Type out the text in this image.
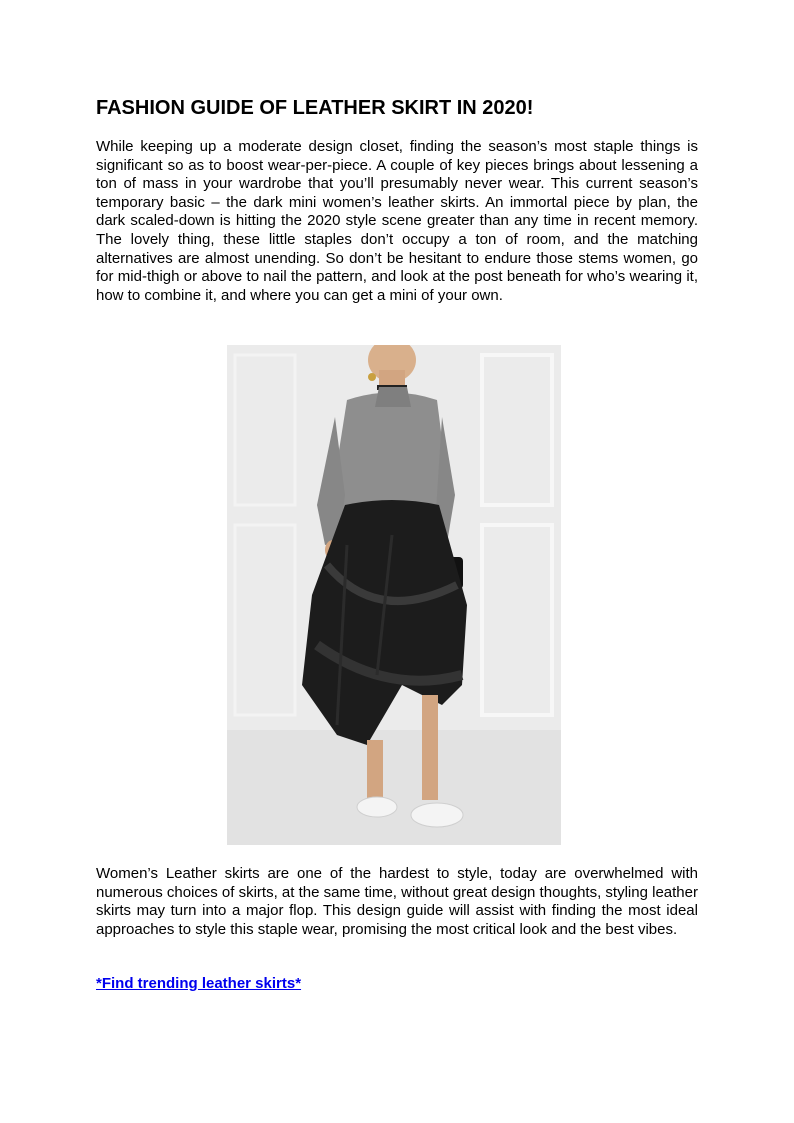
FASHION GUIDE OF LEATHER SKIRT IN 2020!

While keeping up a moderate design closet, finding the season’s most staple things is significant so as to boost wear-per-piece. A couple of key pieces brings about lessening a ton of mass in your wardrobe that you’ll presumably never wear. This current season’s temporary basic – the dark mini women’s leather skirts. An immortal piece by plan, the dark scaled-down is hitting the 2020 style scene greater than any time in recent memory. The lovely thing, these little staples don’t occupy a ton of room, and the matching alternatives are almost unending. So don’t be hesitant to endure those stems women, go for mid-thigh or above to nail the pattern, and look at the post beneath for who’s wearing it, how to combine it, and where you can get a mini of your own.

Women’s Leather skirts are one of the hardest to style, today are overwhelmed with numerous choices of skirts, at the same time, without great design thoughts, styling leather skirts may turn into a major flop. This design guide will assist with finding the most ideal approaches to style this staple wear, promising the most critical look and the best vibes.

*Find trending leather skirts*
